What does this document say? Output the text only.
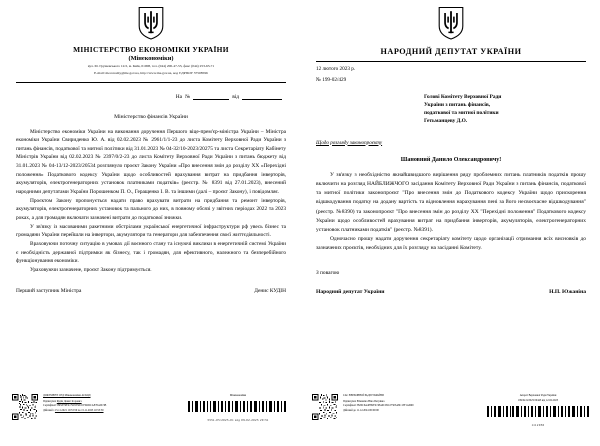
МІНІСТЕРСТВО ЕКОНОМІКИ УКРАЇНИ
(Мінекономіки)
вул. М. Грушевського 12/2, м. Київ, 01008, тел. (044) 200-47-53, факс (044) 253-63-71
E-mail: meconomy@me.gov.ua, http://www.me.gov.ua, код ЄДРПОУ 37508596
На №	від
Міністерство фінансів України

Міністерство економіки України на виконання доручення Першого віце-прем'єр-міністра України – Міністра економіки України Свириденко Ю. А. від 02.02.2023 № 2961/1/1-23 до листа Комітету Верховної Ради України з питань фінансів, податкової та митної політики від 31.01.2023 № 04-32/10-2023/20275 та листа Секретаріату Кабінету Міністрів України від 02.02.2023 № 2397/0/2-23 до листа Комітету Верховної Ради України з питань бюджету від 31.01.2023 № 04-13/12-2023/20534 розглянуло проєкт Закону України «Про внесення змін до розділу ХХ «Перехідні положення» Податкового кодексу України щодо особливостей врахування витрат на придбання інверторів, акумуляторів, електрогенераторних установок платниками податків» (реєстр. № 8391 від 27.01.2023), внесений народними депутатами України Порошенком П. О., Геращенко І. В. та іншими (далі – проєкт Закону), і повідомляє.

Проєктом Закону пропонується надати право врахувати витрати на придбання та ремонт інверторів, акумуляторів, електрогенераторних установок та пального до них, в повному обсязі у звітних періодах 2022 та 2023 роках, а для громадян включати зазначені витрати до податкової знижки.

У зв'язку із масованими ракетними обстрілами української енергетичної інфраструктури рф увесь бізнес та громадяни України перейшли на інвертори, акумулятори та генератори для забезпечення своєї життєдіяльності.

Враховуючи поточну ситуацію в умовах дії воєнного стану та існуючі виклики в енергетичній системі України є необхідність державної підтримки як бізнесу, так і громадян, для ефективного, належного та безперебійного функціонування економіки.

Ураховуючи зазначене, проєкт Закону підтримується.

Перший заступник Міністра	Денис КУДІН
ДОКУМЕНТ СЕД Мінекономіки АСКОД
Підписувач Кудін Денис Ігорович
Сертифікат 58E2E3B3C7903330CD7D2DCAE70A0C3B
Дійсний з 15.11.2021 10:53:59 по 15.11.2023 10:53:59
Мінекономіки
3331-05/2023-01 від 09.02.2023 20:31
НАРОДНИЙ ДЕПУТАТ УКРАЇНИ
12 лютого 2023 р.
№ 199-02/429
Голові Комітету Верховної Ради
України з питань фінансів,
податкової та митної політики
Гетьманцеву Д.О.
Щодо розгляду законопроєкту
Шановний Данило Олександровичу!

У зв'язку з необхідністю якнайшвидшого вирішення ряду проблемних питань платників податків прошу включити на розгляд НАЙБЛИЖЧОГО засідання Комітету Верховної Ради України з питань фінансів, податкової та митної політики законопроєкт "Про внесення змін до Податкового кодексу України щодо прискорення відшкодування податку на додану вартість та відновлення нарахування пені за його несвоєчасне відшкодування" (реєстр. №8390) та законопроєкт "Про внесення змін до розділу ХХ "Перехідні положення" Податкового кодексу України щодо особливостей врахування витрат на придбання інверторів, акумуляторів, електрогенераторних установок платниками податків" (реєстр. №8391).

Одночасно прошу надати доручення секретаріату комітету щодо організації отримання всіх висновків до зазначених проєктів, необхідних для їх розгляду на засіданні Комітету.

З повагою
Народний депутат України	Н.П. Южаніна
САС ВЕРХОВНОЇ РАДИ УКРАЇНИ
Підписувач Южаніна Ніна Петрівна
Сертифікат 3820C6A4E8933C38A0C09C27505A8C13F1AD69
Дійсний до 11.12.2024 00:00:00
Апарат Верховної Ради України
199/02-9/2023/20443 від 12.02.2023
1112050
